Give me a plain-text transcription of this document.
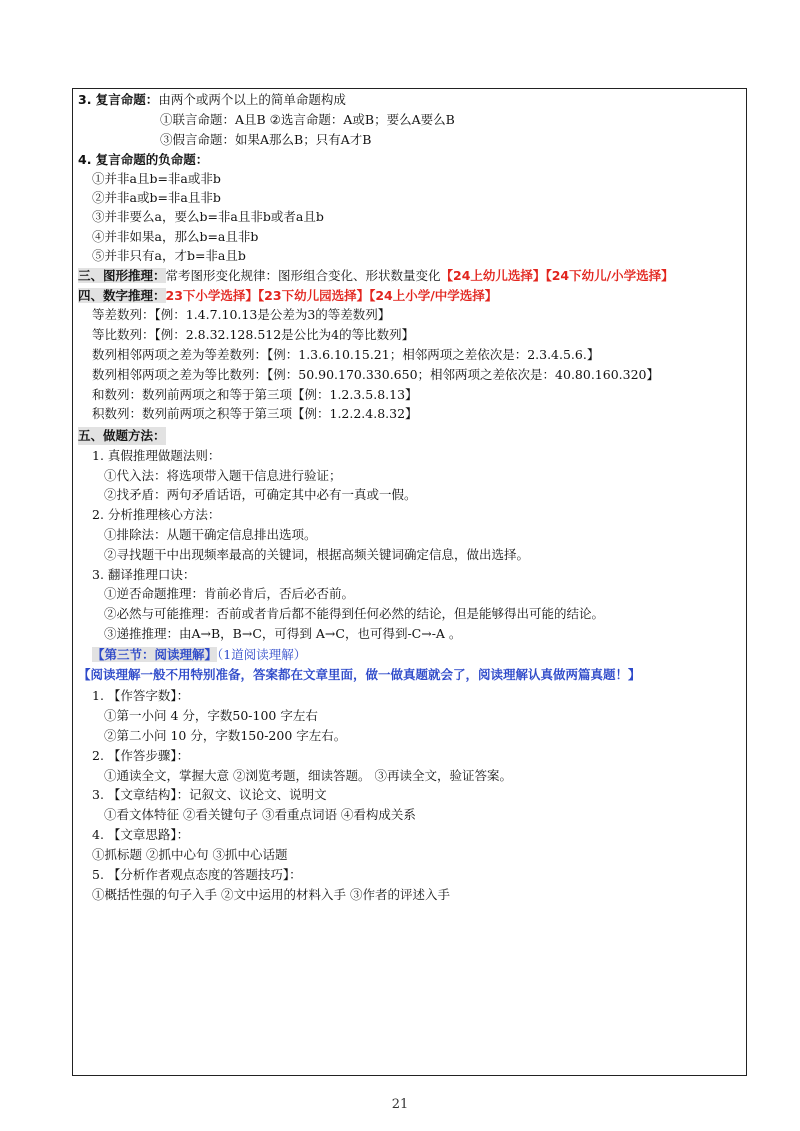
3. 复言命题：由两个或两个以上的简单命题构成
①联言命题：A且B ②选言命题：A或B；要么A要么B
③假言命题：如果A那么B；只有A才B
4. 复言命题的负命题：
①并非a且b=非a或非b
②并非a或b=非a且非b
③并非要么a，要么b=非a且非b或者a且b
④并非如果a，那么b=a且非b
⑤并非只有a，才b=非a且b
三、图形推理：常考图形变化规律：图形组合变化、形状数量变化【24上幼儿选择】【24下幼儿/小学选择】
四、数字推理：23下小学选择】【23下幼儿园选择】【24上小学/中学选择】
等差数列：【例：1.4.7.10.13是公差为3的等差数列】
等比数列：【例：2.8.32.128.512是公比为4的等比数列】
数列相邻两项之差为等差数列：【例：1.3.6.10.15.21；相邻两项之差依次是：2.3.4.5.6.】
数列相邻两项之差为等比数列：【例：50.90.170.330.650；相邻两项之差依次是：40.80.160.320】
和数列：数列前两项之和等于第三项【例：1.2.3.5.8.13】
积数列：数列前两项之积等于第三项【例：1.2.2.4.8.32】
五、做题方法：
1. 真假推理做题法则：
①代入法：将选项带入题干信息进行验证；
②找矛盾：两句矛盾话语，可确定其中必有一真或一假。
2. 分析推理核心方法：
①排除法：从题干确定信息排出选项。
②寻找题干中出现频率最高的关键词，根据高频关键词确定信息，做出选择。
3. 翻译推理口诀：
①逆否命题推理：肯前必肯后，否后必否前。
②必然与可能推理：否前或者肯后都不能得到任何必然的结论，但是能够得出可能的结论。
③递推推理：由A→B，B→C，可得到 A→C，也可得到-C→-A 。
【第三节：阅读理解】（1道阅读理解）
【阅读理解一般不用特别准备，答案都在文章里面，做一做真题就会了，阅读理解认真做两篇真题！】
1. 【作答字数】：
①第一小问 4 分，字数50-100 字左右
②第二小问 10 分，字数150-200 字左右。
2. 【作答步骤】：
①通读全文，掌握大意 ②浏览考题，细读答题。 ③再读全文，验证答案。
3. 【文章结构】：记叙文、议论文、说明文
①看文体特征 ②看关键句子 ③看重点词语 ④看构成关系
4. 【文章思路】：
①抓标题 ②抓中心句 ③抓中心话题
5. 【分析作者观点态度的答题技巧】：
①概括性强的句子入手 ②文中运用的材料入手 ③作者的评述入手
21
